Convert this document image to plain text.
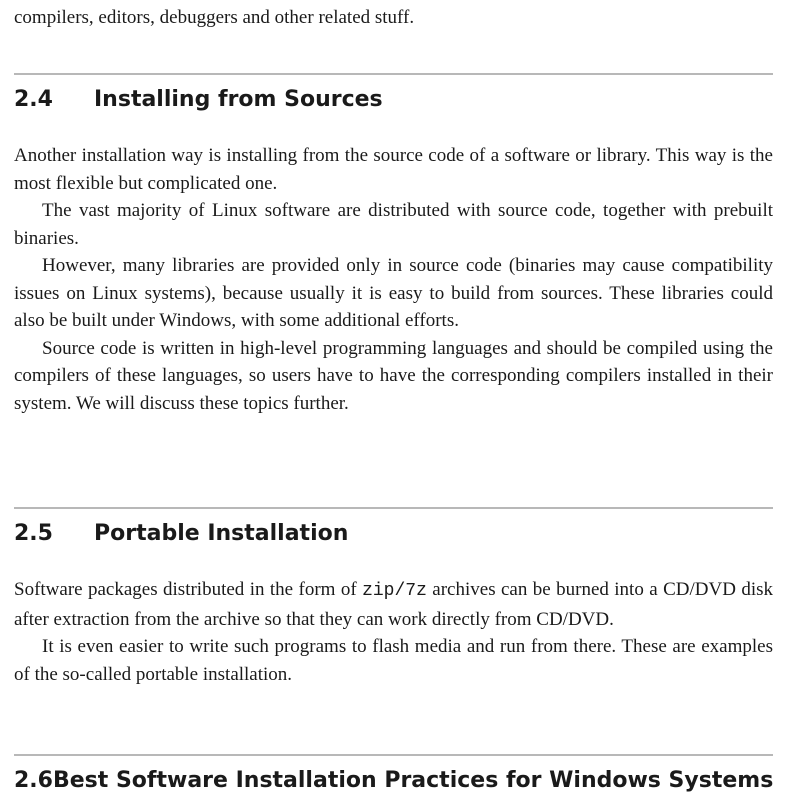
compilers, editors, debuggers and other related stuff.

2.4	Installing from Sources

Another installation way is installing from the source code of a software or library. This way is the most flexible but complicated one.

The vast majority of Linux software are distributed with source code, together with prebuilt binaries.

However, many libraries are provided only in source code (binaries may cause compatibility issues on Linux systems), because usually it is easy to build from sources. These libraries could also be built under Windows, with some additional efforts.

Source code is written in high-level programming languages and should be compiled using the compilers of these languages, so users have to have the corresponding compilers installed in their system. We will discuss these topics further.

2.5	Portable Installation

Software packages distributed in the form of zip/7z archives can be burned into a CD/DVD disk after extraction from the archive so that they can work directly from CD/DVD.

It is even easier to write such programs to flash media and run from there. These are examples of the so-called portable installation.

2.6 Best Software Installation Practices for Windows Systems
